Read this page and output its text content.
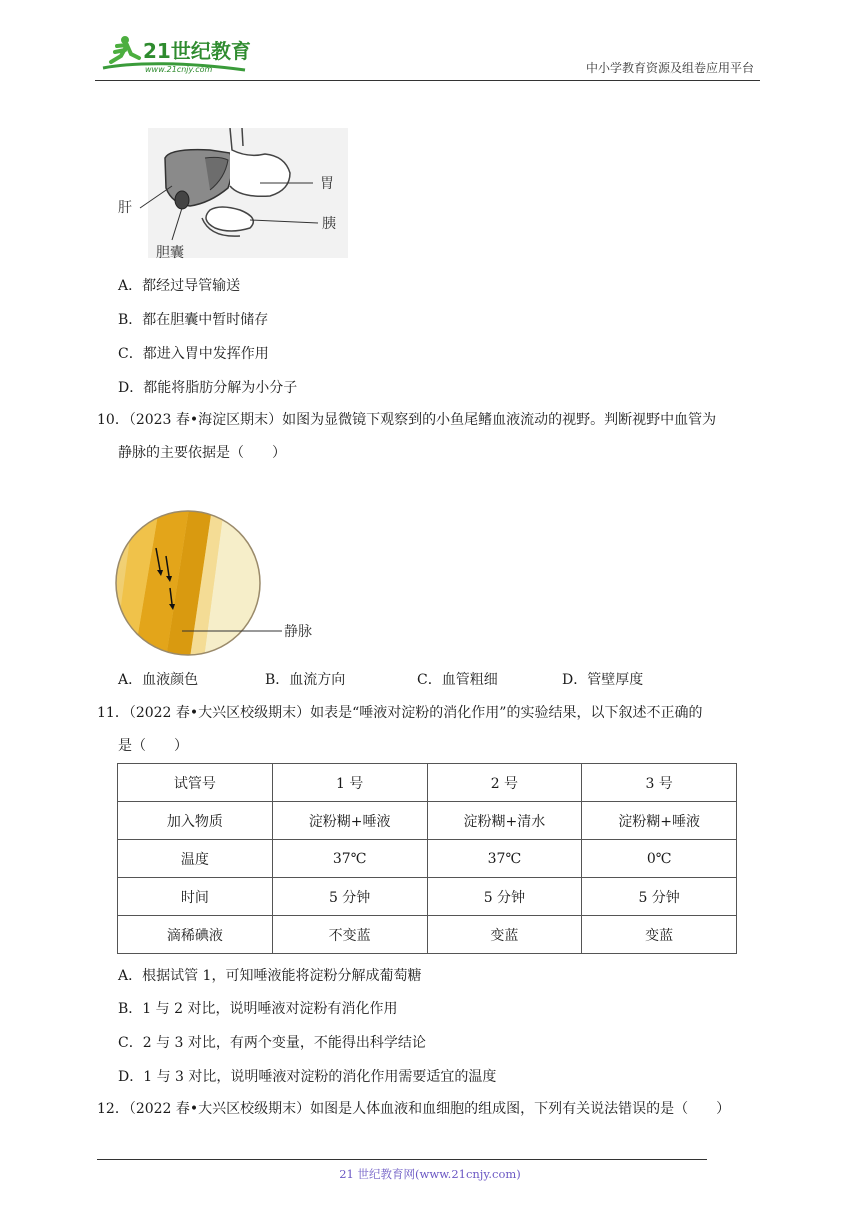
21世纪教育
www.21cnjy.com	中小学教育资源及组卷应用平台
肝
胆囊
胃
胰
A．都经过导管输送
B．都在胆囊中暂时储存
C．都进入胃中发挥作用
D．都能将脂肪分解为小分子
10．（2023 春•海淀区期末）如图为显微镜下观察到的小鱼尾鳍血液流动的视野。判断视野中血管为
静脉的主要依据是（　　）
静脉
A．血液颜色	B．血流方向	C．血管粗细	D．管壁厚度
11．（2022 春•大兴区校级期末）如表是“唾液对淀粉的消化作用”的实验结果，以下叙述不正确的
是（　　）
试管号	1 号	2 号	3 号
加入物质	淀粉糊+唾液	淀粉糊+清水	淀粉糊+唾液
温度	37℃	37℃	0℃
时间	5 分钟	5 分钟	5 分钟
滴稀碘液	不变蓝	变蓝	变蓝
A．根据试管 1，可知唾液能将淀粉分解成葡萄糖
B．1 与 2 对比，说明唾液对淀粉有消化作用
C．2 与 3 对比，有两个变量，不能得出科学结论
D．1 与 3 对比，说明唾液对淀粉的消化作用需要适宜的温度
12．（2022 春•大兴区校级期末）如图是人体血液和血细胞的组成图，下列有关说法错误的是（　　）
21 世纪教育网(www.21cnjy.com)
